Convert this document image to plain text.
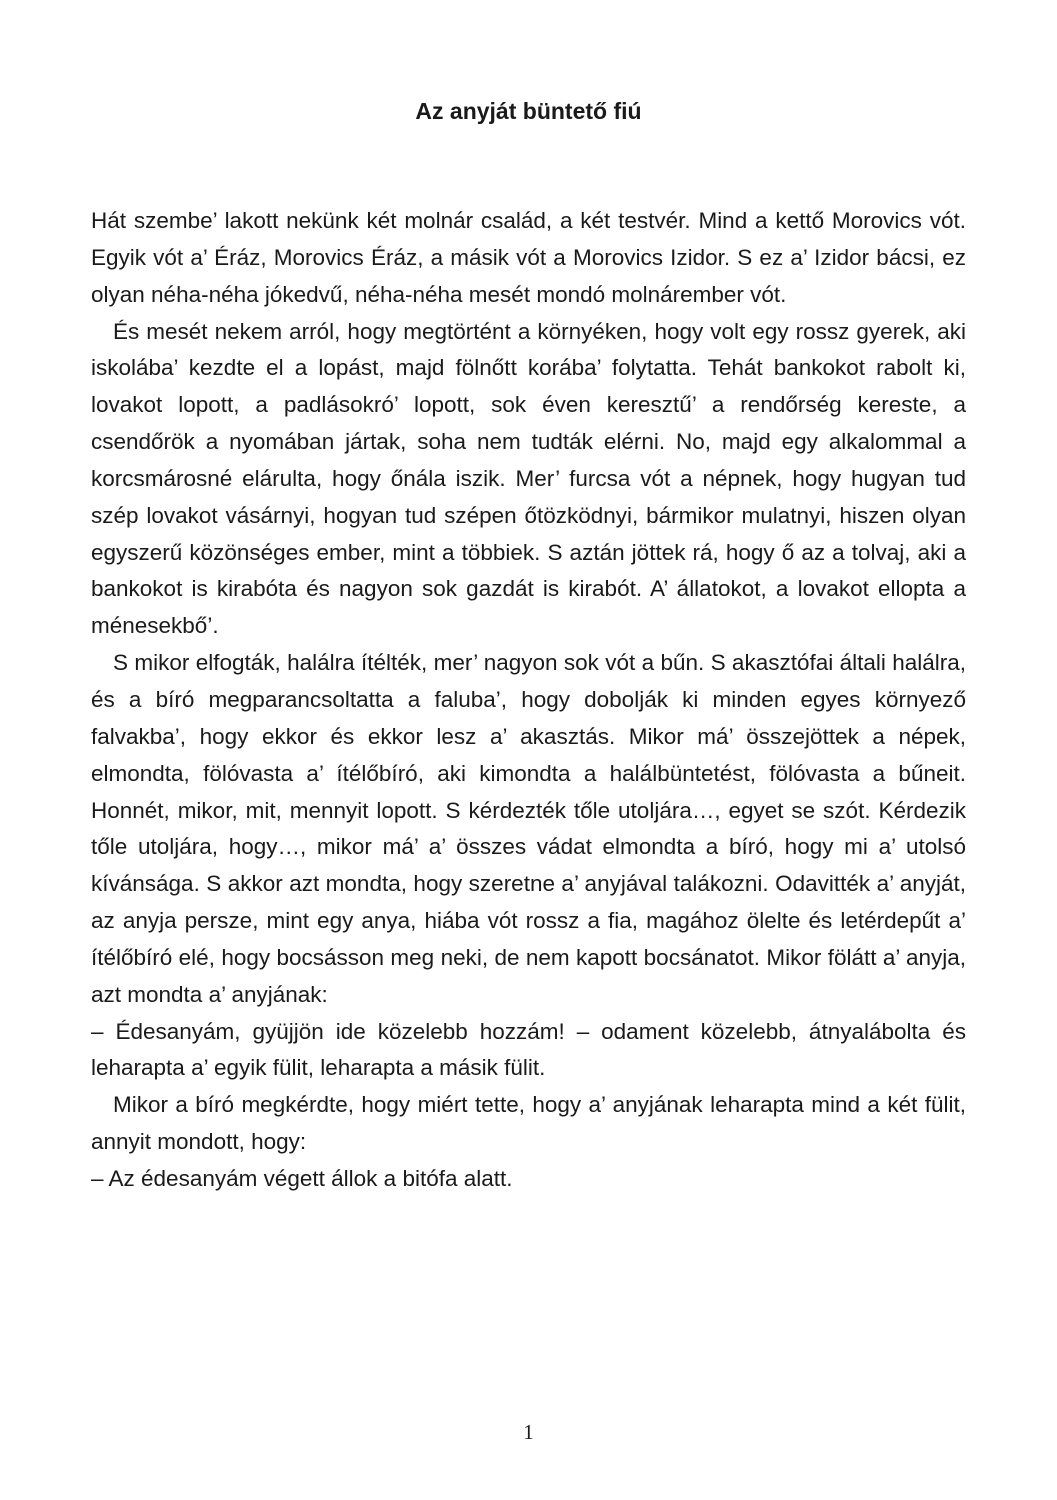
Az anyját büntető fiú

Hát szembe’ lakott nekünk két molnár család, a két testvér. Mind a kettő Morovics vót. Egyik vót a’ Éráz, Morovics Éráz, a másik vót a Morovics Izidor. S ez a’ Izidor bácsi, ez olyan néha-néha jókedvű, néha-néha mesét mondó molnárember vót.

És mesét nekem arról, hogy megtörtént a környéken, hogy volt egy rossz gyerek, aki iskolába’ kezdte el a lopást, majd fölnőtt korába’ folytatta. Tehát bankokot rabolt ki, lovakot lopott, a padlásokró’ lopott, sok éven keresztű’ a rendőrség kereste, a csendőrök a nyomában jártak, soha nem tudták elérni. No, majd egy alkalommal a korcsmárosné elárulta, hogy őnála iszik. Mer’ furcsa vót a népnek, hogy hugyan tud szép lovakot vásárnyi, hogyan tud szépen őtözködnyi, bármikor mulatnyi, hiszen olyan egyszerű közönséges ember, mint a többiek. S aztán jöttek rá, hogy ő az a tolvaj, aki a bankokot is kirabóta és nagyon sok gazdát is kirabót. A’ állatokot, a lovakot ellopta a ménesekbő’.

S mikor elfogták, halálra ítélték, mer’ nagyon sok vót a bűn. S akasztófai általi halálra, és a bíró megparancsoltatta a faluba’, hogy dobolják ki minden egyes környező falvakba’, hogy ekkor és ekkor lesz a’ akasztás. Mikor má’ összejöttek a népek, elmondta, fölóvasta a’ ítélőbíró, aki kimondta a halálbüntetést, fölóvasta a bűneit. Honnét, mikor, mit, mennyit lopott. S kérdezték tőle utoljára…, egyet se szót. Kérdezik tőle utoljára, hogy…, mikor má’ a’ összes vádat elmondta a bíró, hogy mi a’ utolsó kívánsága. S akkor azt mondta, hogy szeretne a’ anyjával talákozni. Odavitték a’ anyját, az anyja persze, mint egy anya, hiába vót rossz a fia, magához ölelte és letérdepűt a’ ítélőbíró elé, hogy bocsásson meg neki, de nem kapott bocsánatot. Mikor fölátt a’ anyja, azt mondta a’ anyjának:

– Édesanyám, gyüjjön ide közelebb hozzám! – odament közelebb, átnyalábolta és leharapta a’ egyik fülit, leharapta a másik fülit.

Mikor a bíró megkérdte, hogy miért tette, hogy a’ anyjának leharapta mind a két fülit, annyit mondott, hogy:

– Az édesanyám végett állok a bitófa alatt.

1
